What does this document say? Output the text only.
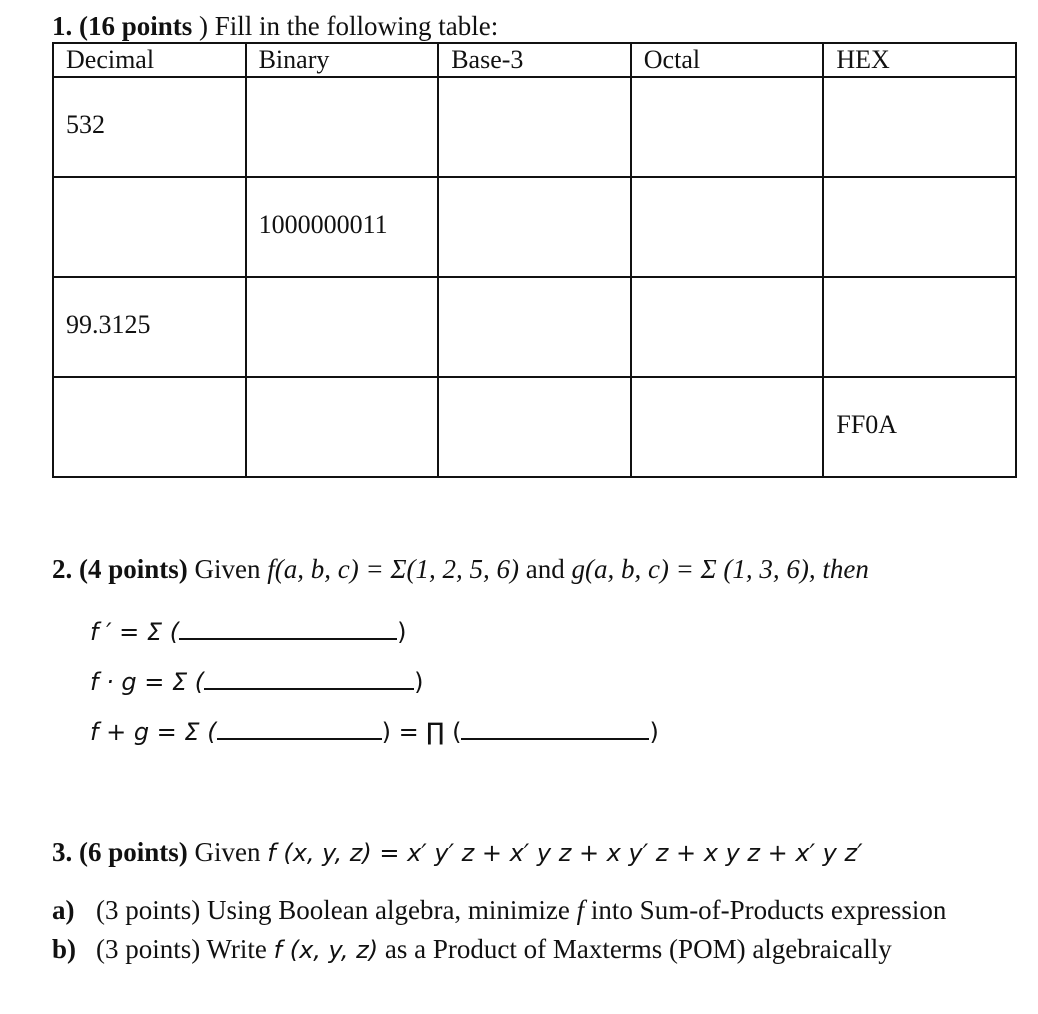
1. (16 points ) Fill in the following table:
Decimal	Binary	Base-3	Octal	HEX
532				
	1000000011			
99.3125				
				FF0A
2. (4 points) Given f(a, b, c) = Σ(1, 2, 5, 6) and g(a, b, c) = Σ (1, 3, 6), then
f ′ = Σ (	)
f · g = Σ (	)
f + g = Σ (	) = ∏ (	)
3. (6 points) Given f (x, y, z) = x′ y′ z + x′ y z + x y′ z + x y z + x′ y z′
a) (3 points) Using Boolean algebra, minimize f into Sum-of-Products expression
b) (3 points) Write f (x, y, z) as a Product of Maxterms (POM) algebraically
